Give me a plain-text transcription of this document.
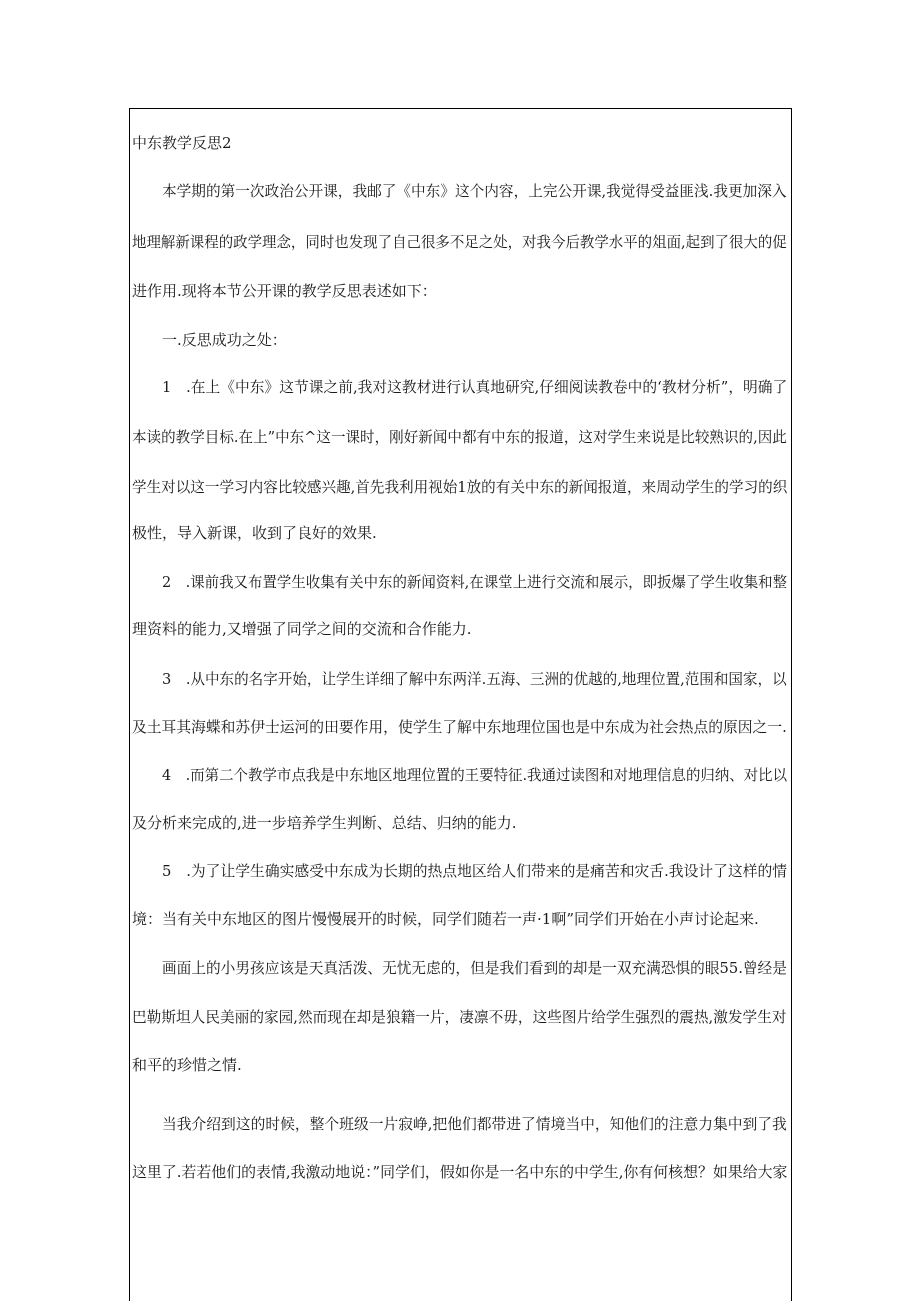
中东教学反思2
本学期的第一次政治公开课，我邮了《中东》这个内容，上完公开课,我觉得受益匪浅.我更加深入
地理解新课程的政学理念，同时也发现了自己很多不足之处，对我今后教学水平的俎面,起到了很大的促
进作用.现将本节公开课的教学反思表述如下：
一.反思成功之处：
1　.在上《中东》这节课之前,我对这教材进行认真地研究,仔细阅读教卷中的‘教材分析”，明确了
本读的教学目标.在上”中东^这一课时，刚好新闻中都有中东的报道，这对学生来说是比较熟识的,因此
学生对以这一学习内容比较感兴趣,首先我利用视始1放的有关中东的新闻报道，来周动学生的学习的织
极性，导入新课，收到了良好的效果.
2　.课前我又布置学生收集有关中东的新闻资料,在课堂上进行交流和展示，即扳爆了学生收集和整
理资料的能力,又增强了同学之间的交流和合作能力.
3　.从中东的名字开始，让学生详细了解中东两洋.五海、三洲的优越的,地理位置,范围和国家，以
及土耳其海蝶和苏伊士运河的田要作用，使学生了解中东地理位国也是中东成为社会热点的原因之一.
4　.而第二个教学市点我是中东地区地理位置的王要特征.我通过读图和对地理信息的归纳、对比以
及分析来完成的,进一步培养学生判断、总结、归纳的能力.
5　.为了让学生确实感受中东成为长期的热点地区给人们带来的是痛苦和灾舌.我设计了这样的情
境：当有关中东地区的图片慢慢展开的时候，同学们随若一声·1啊”同学们开始在小声讨论起来.
画面上的小男孩应该是天真活泼、无忧无虑的，但是我们看到的却是一双充满恐惧的眼55.曾经是
巴勒斯坦人民美丽的家园,然而现在却是狼籍一片，凄凛不毋，这些图片给学生强烈的震热,激发学生对
和平的珍惜之情.
当我介绍到这的时候，整个班级一片寂峥,把他们都带进了情境当中，知他们的注意力集中到了我
这里了.若若他们的表情,我激动地说：”同学们，假如你是一名中东的中学生,你有何核想？如果给大家
